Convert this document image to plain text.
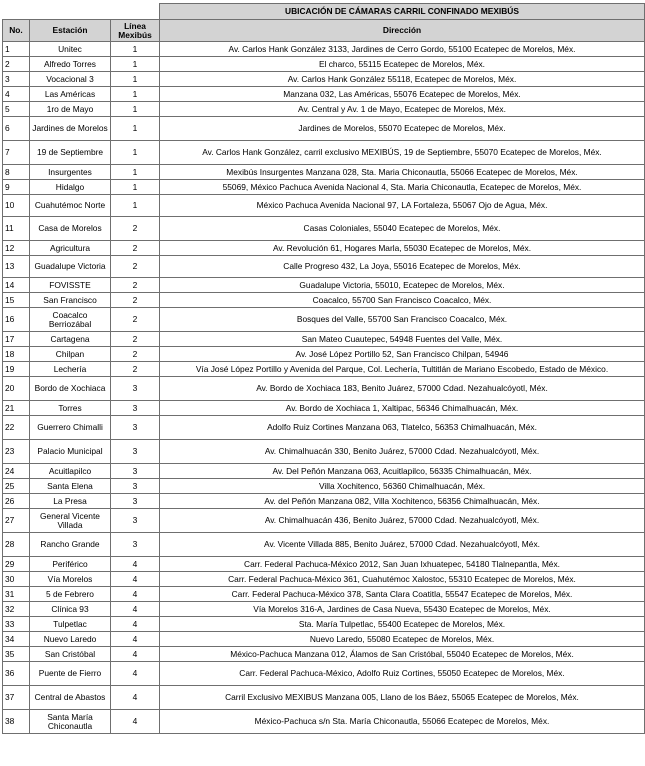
			UBICACIÓN DE CÁMARAS CARRIL CONFINADO MEXIBÚS
No.	Estación	Línea Mexibús	Dirección
1	Unitec	1	Av. Carlos Hank González 3133, Jardines de Cerro Gordo, 55100 Ecatepec de Morelos, Méx.
2	Alfredo Torres	1	El charco, 55115 Ecatepec de Morelos, Méx.
3	Vocacional 3	1	Av. Carlos Hank González 55118, Ecatepec de Morelos, Méx.
4	Las Américas	1	Manzana 032, Las Américas, 55076 Ecatepec de Morelos, Méx.
5	1ro de Mayo	1	Av. Central y Av. 1 de Mayo, Ecatepec de Morelos, Méx.
6	Jardines de Morelos	1	Jardines de Morelos, 55070 Ecatepec de Morelos, Méx.
7	19 de Septiembre	1	Av. Carlos Hank González, carril exclusivo MEXIBÚS, 19 de Septiembre, 55070 Ecatepec de Morelos, Méx.
8	Insurgentes	1	Mexibús Insurgentes Manzana 028, Sta. Maria Chiconautla, 55066 Ecatepec de Morelos, Méx.
9	Hidalgo	1	55069, México Pachuca Avenida Nacional 4, Sta. Maria Chiconautla, Ecatepec de Morelos, Méx.
10	Cuahutémoc Norte	1	México Pachuca Avenida Nacional 97, LA Fortaleza, 55067 Ojo de Agua, Méx.
11	Casa de Morelos	2	Casas Coloniales, 55040 Ecatepec de Morelos, Méx.
12	Agricultura	2	Av. Revolución 61, Hogares Marla, 55030 Ecatepec de Morelos, Méx.
13	Guadalupe Victoria	2	Calle Progreso 432, La Joya, 55016 Ecatepec de Morelos, Méx.
14	FOVISSTE	2	Guadalupe Victoria, 55010, Ecatepec de Morelos, Méx.
15	San Francisco	2	Coacalco, 55700 San Francisco Coacalco, Méx.
16	Coacalco Berriozábal	2	Bosques del Valle, 55700 San Francisco Coacalco, Méx.
17	Cartagena	2	San Mateo Cuautepec, 54948 Fuentes del Valle, Méx.
18	Chilpan	2	Av. José López Portillo 52, San Francisco Chilpan, 54946
19	Lechería	2	Vía José López Portillo y Avenida del Parque, Col. Lechería, Tultitlán de Mariano Escobedo, Estado de México.
20	Bordo de Xochiaca	3	Av. Bordo de Xochiaca 183, Benito Juárez, 57000 Cdad. Nezahualcóyotl, Méx.
21	Torres	3	Av. Bordo de Xochiaca 1, Xaltipac, 56346 Chimalhuacán, Méx.
22	Guerrero Chimalli	3	Adolfo Ruiz Cortines Manzana 063, Tlatelco, 56353 Chimalhuacán, Méx.
23	Palacio Municipal	3	Av. Chimalhuacán 330, Benito Juárez, 57000 Cdad. Nezahualcóyotl, Méx.
24	Acuitlapilco	3	Av. Del Peñón Manzana 063, Acuitlapilco, 56335 Chimalhuacán, Méx.
25	Santa Elena	3	Villa Xochitenco, 56360 Chimalhuacán, Méx.
26	La Presa	3	Av. del Peñón Manzana 082, Villa Xochitenco, 56356 Chimalhuacán, Méx.
27	General Vicente Villada	3	Av. Chimalhuacán 436, Benito Juárez, 57000 Cdad. Nezahualcóyotl, Méx.
28	Rancho Grande	3	Av. Vicente Villada 885, Benito Juárez, 57000 Cdad. Nezahualcóyotl, Méx.
29	Periférico	4	Carr. Federal Pachuca-México 2012, San Juan Ixhuatepec, 54180 Tlalnepantla, Méx.
30	Vía Morelos	4	Carr. Federal Pachuca-México 361, Cuahutémoc Xalostoc, 55310 Ecatepec de Morelos, Méx.
31	5 de Febrero	4	Carr. Federal Pachuca-México 378, Santa Clara Coatitla, 55547 Ecatepec de Morelos, Méx.
32	Clínica 93	4	Vía Morelos 316-A, Jardines de Casa Nueva, 55430 Ecatepec de Morelos, Méx.
33	Tulpetlac	4	Sta. María Tulpetlac, 55400 Ecatepec de Morelos, Méx.
34	Nuevo Laredo	4	Nuevo Laredo, 55080 Ecatepec de Morelos, Méx.
35	San Cristóbal	4	México-Pachuca Manzana 012, Álamos de San Cristóbal, 55040 Ecatepec de Morelos, Méx.
36	Puente de Fierro	4	Carr. Federal Pachuca-México, Adolfo Ruiz Cortines, 55050 Ecatepec de Morelos, Méx.
37	Central de Abastos	4	Carril Exclusivo MEXIBUS Manzana 005, Llano de los Báez, 55065 Ecatepec de Morelos, Méx.
38	Santa María Chiconautla	4	México-Pachuca s/n Sta. María Chiconautla, 55066 Ecatepec de Morelos, Méx.
